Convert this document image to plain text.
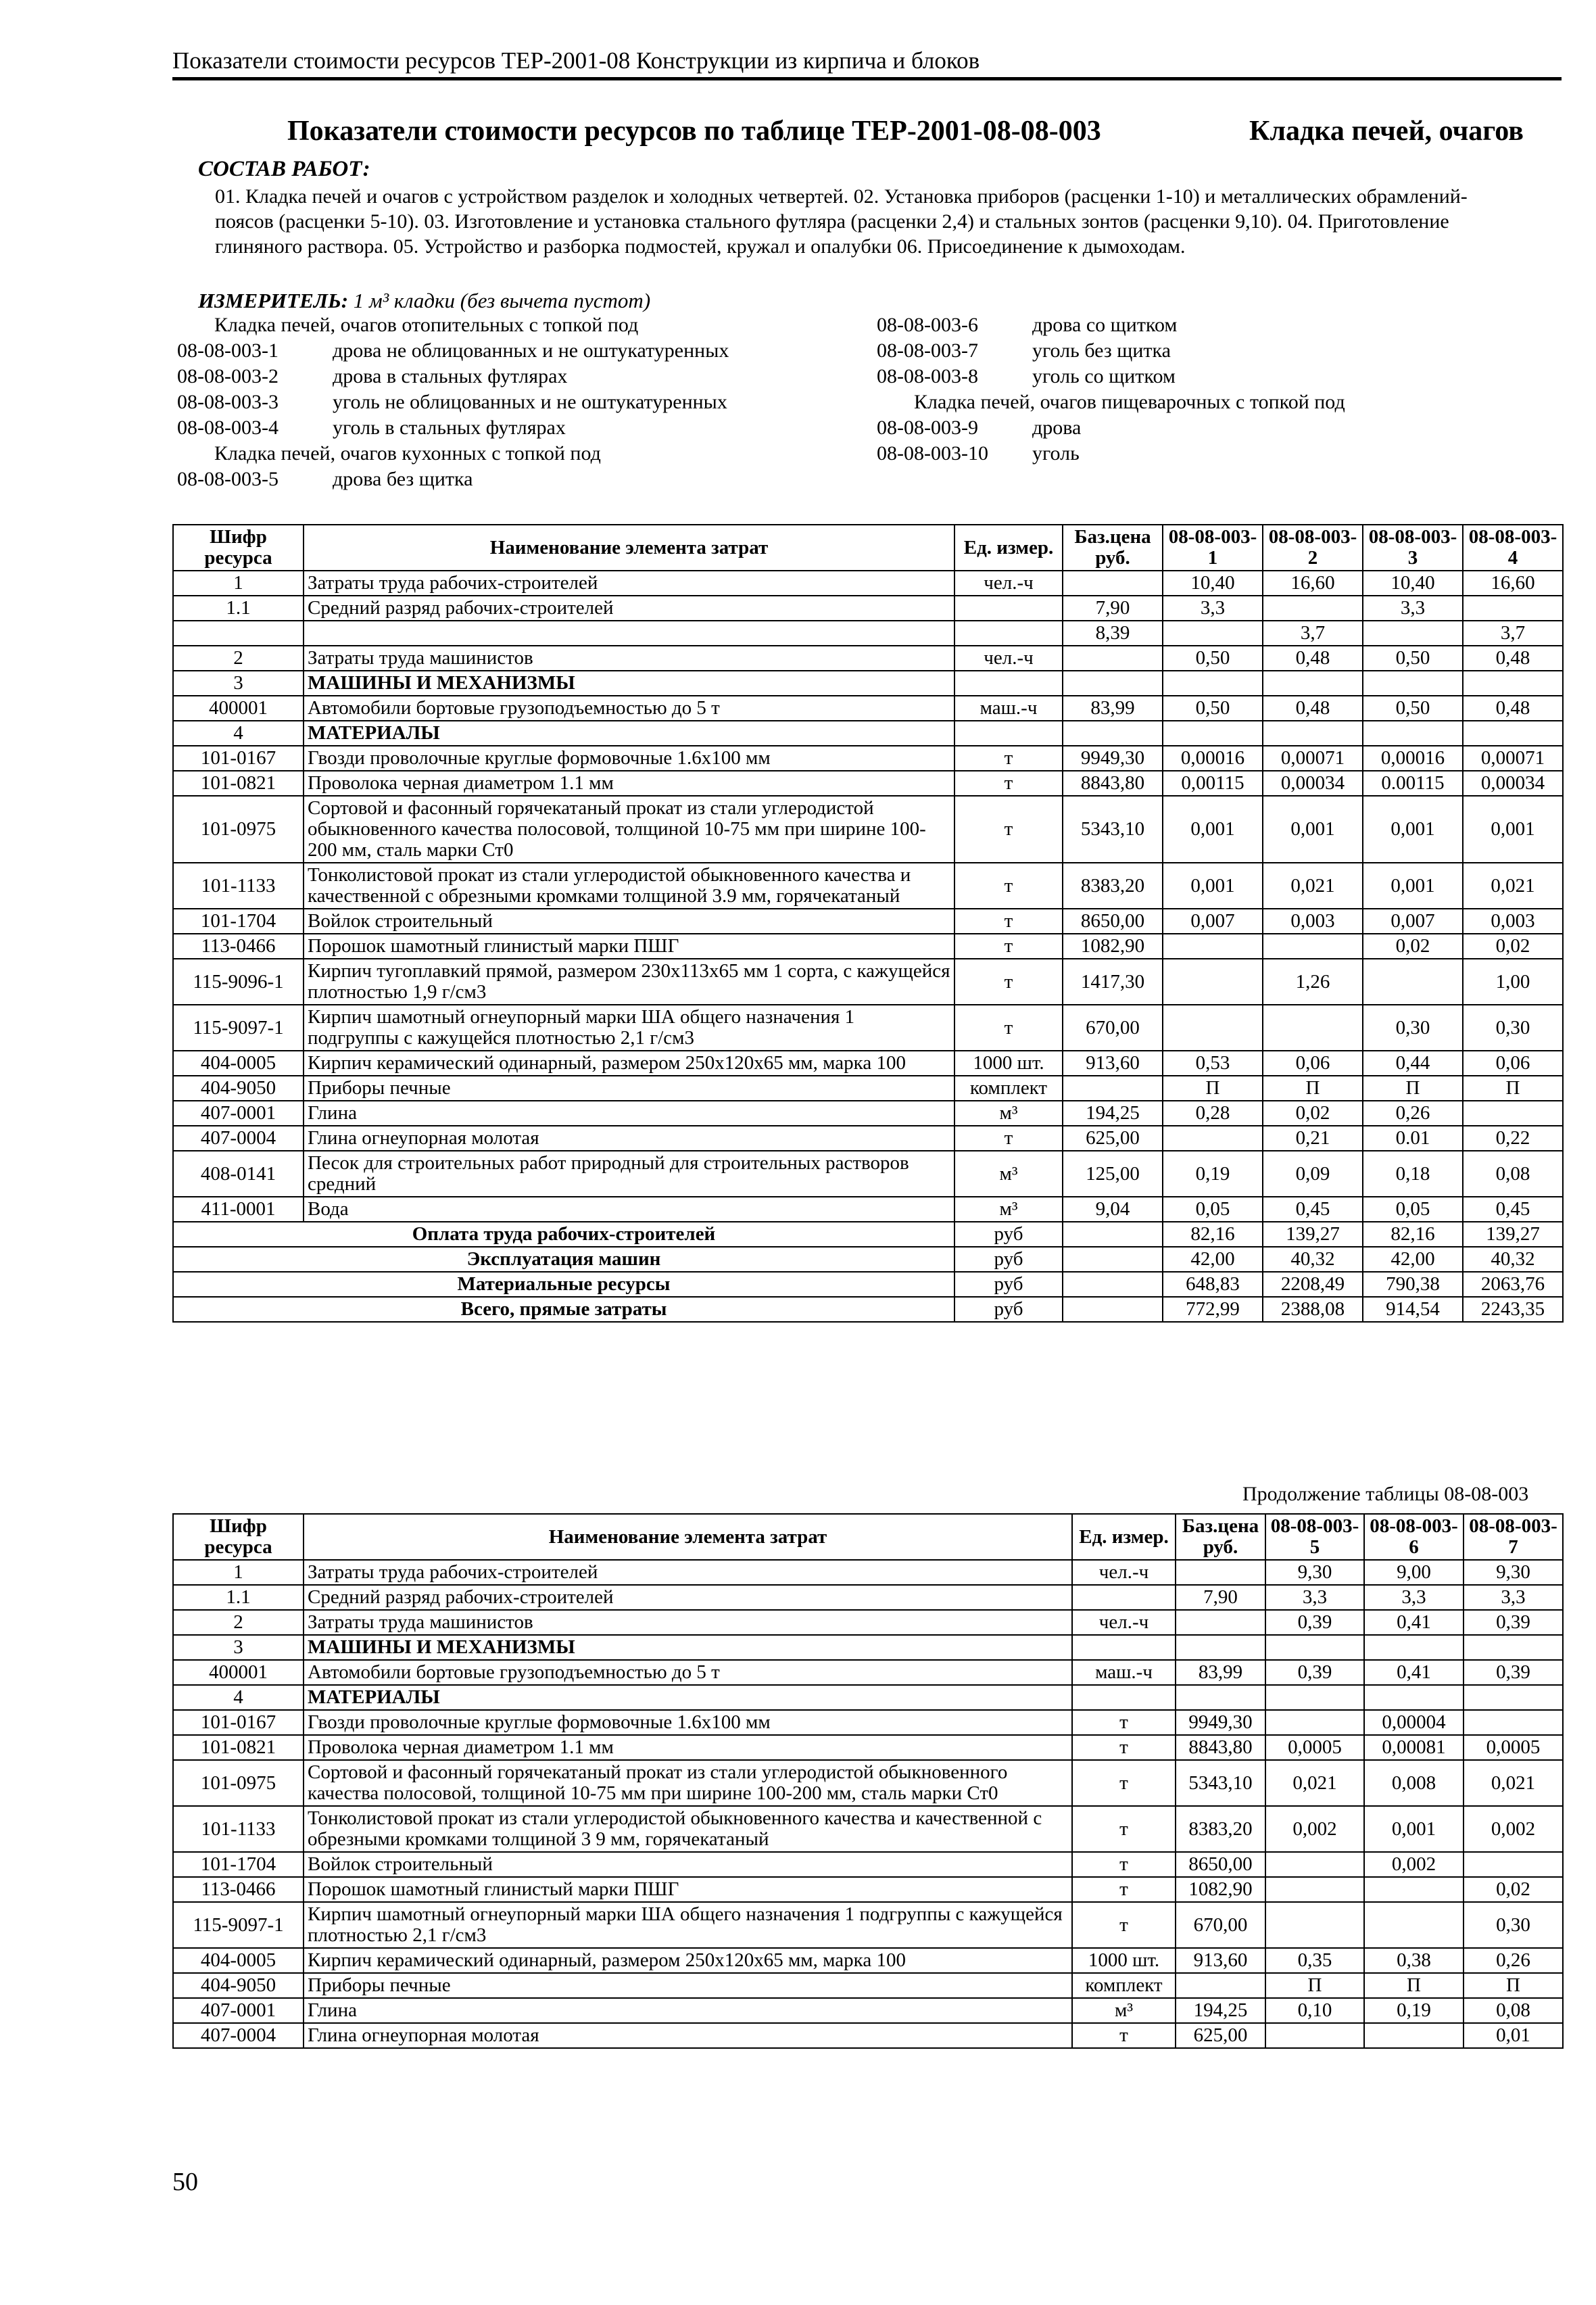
Показатели стоимости ресурсов ТЕР-2001-08 Конструкции из кирпича и блоков
Показатели стоимости ресурсов по таблице ТЕР-2001-08-08-003	Кладка печей, очагов
СОСТАВ РАБОТ:
01. Кладка печей и очагов с устройством разделок и холодных четвертей. 02. Установка приборов (расценки 1-10) и металлических обрамлений-поясов (расценки 5-10). 03. Изготовление и установка стального футляра (расценки 2,4) и стальных зонтов (расценки 9,10). 04. Приготовление глиняного раствора. 05. Устройство и разборка подмостей, кружал и опалубки 06. Присоединение к дымоходам.
ИЗМЕРИТЕЛЬ: 1 м³ кладки (без вычета пустот)
Кладка печей, очагов отопительных с топкой под
08-08-003-1	дрова не облицованных и не оштукатуренных
08-08-003-2	дрова в стальных футлярах
08-08-003-3	уголь не облицованных и не оштукатуренных
08-08-003-4	уголь в стальных футлярах
Кладка печей, очагов кухонных с топкой под
08-08-003-5	дрова без щитка
08-08-003-6	дрова со щитком
08-08-003-7	уголь без щитка
08-08-003-8	уголь со щитком
Кладка печей, очагов пищеварочных с топкой под
08-08-003-9	дрова
08-08-003-10	уголь
Шифр ресурса	Наименование элемента затрат	Ед. измер.	Баз.цена руб.	08-08-003-1	08-08-003-2	08-08-003-3	08-08-003-4
1	Затраты труда рабочих-строителей	чел.-ч		10,40	16,60	10,40	16,60
1.1	Средний разряд рабочих-строителей		7,90	3,3		3,3	
			8,39		3,7		3,7
2	Затраты труда машинистов	чел.-ч		0,50	0,48	0,50	0,48
3	МАШИНЫ И МЕХАНИЗМЫ						
400001	Автомобили бортовые грузоподъемностью до 5 т	маш.-ч	83,99	0,50	0,48	0,50	0,48
4	МАТЕРИАЛЫ						
101-0167	Гвозди проволочные круглые формовочные 1.6х100 мм	т	9949,30	0,00016	0,00071	0,00016	0,00071
101-0821	Проволока черная диаметром 1.1 мм	т	8843,80	0,00115	0,00034	0.00115	0,00034
101-0975	Сортовой и фасонный горячекатаный прокат из стали углеродистой обыкновенного качества полосовой, толщиной 10-75 мм при ширине 100-200 мм, сталь марки Ст0	т	5343,10	0,001	0,001	0,001	0,001
101-1133	Тонколистовой прокат из стали углеродистой обыкновенного качества и качественной с обрезными кромками толщиной 3.9 мм, горячекатаный	т	8383,20	0,001	0,021	0,001	0,021
101-1704	Войлок строительный	т	8650,00	0,007	0,003	0,007	0,003
113-0466	Порошок шамотный глинистый марки ПШГ	т	1082,90			0,02	0,02
115-9096-1	Кирпич тугоплавкий прямой, размером 230х113х65 мм 1 сорта, с кажущейся плотностью 1,9 г/см3	т	1417,30		1,26		1,00
115-9097-1	Кирпич шамотный огнеупорный марки ША общего назначения 1 подгруппы с кажущейся плотностью 2,1 г/см3	т	670,00			0,30	0,30
404-0005	Кирпич керамический одинарный, размером 250х120х65 мм, марка 100	1000 шт.	913,60	0,53	0,06	0,44	0,06
404-9050	Приборы печные	комплект		П	П	П	П
407-0001	Глина	м³	194,25	0,28	0,02	0,26	
407-0004	Глина огнеупорная молотая	т	625,00		0,21	0.01	0,22
408-0141	Песок для строительных работ природный для строительных растворов средний	м³	125,00	0,19	0,09	0,18	0,08
411-0001	Вода	м³	9,04	0,05	0,45	0,05	0,45
Оплата труда рабочих-строителей		руб		82,16	139,27	82,16	139,27
Эксплуатация машин		руб		42,00	40,32	42,00	40,32
Материальные ресурсы		руб		648,83	2208,49	790,38	2063,76
Всего, прямые затраты		руб		772,99	2388,08	914,54	2243,35
Продолжение таблицы 08-08-003
Шифр ресурса	Наименование элемента затрат	Ед. измер.	Баз.цена руб.	08-08-003-5	08-08-003-6	08-08-003-7
1	Затраты труда рабочих-строителей	чел.-ч		9,30	9,00	9,30
1.1	Средний разряд рабочих-строителей		7,90	3,3	3,3	3,3
2	Затраты труда машинистов	чел.-ч		0,39	0,41	0,39
3	МАШИНЫ И МЕХАНИЗМЫ					
400001	Автомобили бортовые грузоподъемностью до 5 т	маш.-ч	83,99	0,39	0,41	0,39
4	МАТЕРИАЛЫ					
101-0167	Гвозди проволочные круглые формовочные 1.6х100 мм	т	9949,30		0,00004	
101-0821	Проволока черная диаметром 1.1 мм	т	8843,80	0,0005	0,00081	0,0005
101-0975	Сортовой и фасонный горячекатаный прокат из стали углеродистой обыкновенного качества полосовой, толщиной 10-75 мм при ширине 100-200 мм, сталь марки Ст0	т	5343,10	0,021	0,008	0,021
101-1133	Тонколистовой прокат из стали углеродистой обыкновенного качества и качественной с обрезными кромками толщиной 3 9 мм, горячекатаный	т	8383,20	0,002	0,001	0,002
101-1704	Войлок строительный	т	8650,00		0,002	
113-0466	Порошок шамотный глинистый марки ПШГ	т	1082,90			0,02
115-9097-1	Кирпич шамотный огнеупорный марки ША общего назначения 1 подгруппы с кажущейся плотностью 2,1 г/см3	т	670,00			0,30
404-0005	Кирпич керамический одинарный, размером 250х120х65 мм, марка 100	1000 шт.	913,60	0,35	0,38	0,26
404-9050	Приборы печные	комплект		П	П	П
407-0001	Глина	м³	194,25	0,10	0,19	0,08
407-0004	Глина огнеупорная молотая	т	625,00			0,01
50
